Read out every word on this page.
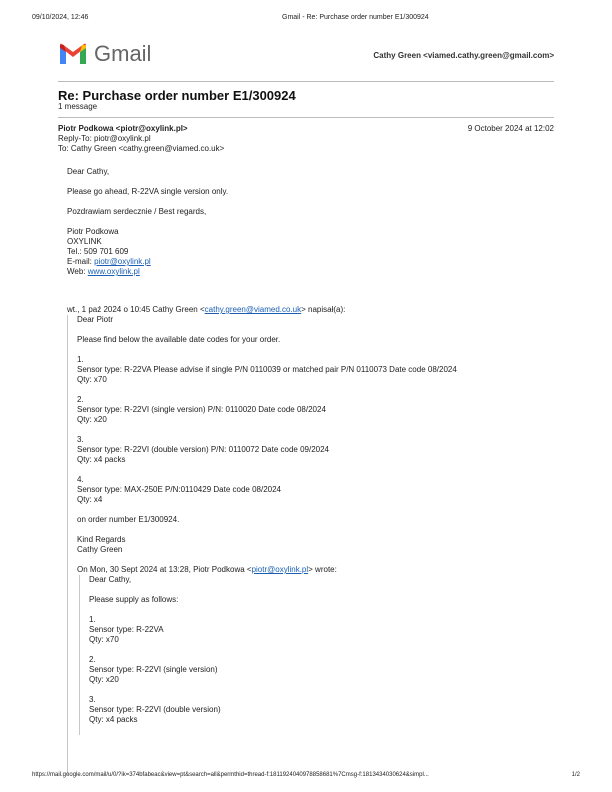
09/10/2024, 12:46	Gmail - Re: Purchase order number E1/300924
Gmail	Cathy Green <viamed.cathy.green@gmail.com>
Re: Purchase order number E1/300924
1 message
Piotr Podkowa <piotr@oxylink.pl>	9 October 2024 at 12:02
Reply-To: piotr@oxylink.pl
To: Cathy Green <cathy.green@viamed.co.uk>

Dear Cathy,

Please go ahead, R-22VA single version only.

Pozdrawiam serdecznie / Best regards,

Piotr Podkowa

OXYLINK

Tel.: 509 701 609

E-mail: piotr@oxylink.pl

Web: www.oxylink.pl

wt., 1 paź 2024 o 10:45 Cathy Green <cathy.green@viamed.co.uk> napisał(a):

Dear Piotr

Please find below the available date codes for your order.

1.

Sensor type: R-22VA Please advise if single P/N 0110039 or matched pair P/N 0110073 Date code 08/2024

Qty: x70

2.

Sensor type: R-22VI (single version) P/N: 0110020 Date code 08/2024

Qty: x20

3.

Sensor type: R-22VI (double version) P/N: 0110072 Date code 09/2024

Qty: x4 packs

4.

Sensor type: MAX-250E P/N:0110429 Date code 08/2024

Qty: x4

on order number E1/300924.

Kind Regards

Cathy Green

On Mon, 30 Sept 2024 at 13:28, Piotr Podkowa <piotr@oxylink.pl> wrote:

Dear Cathy,

Please supply as follows:

1.

Sensor type: R-22VA

Qty: x70

2.

Sensor type: R-22VI (single version)

Qty: x20

3.

Sensor type: R-22VI (double version)

Qty: x4 packs

https://mail.google.com/mail/u/0/?ik=374bfabeac&view=pt&search=all&permthid=thread-f:1811924040978858681%7Cmsg-f:1813434030624&simpl...	1/2
